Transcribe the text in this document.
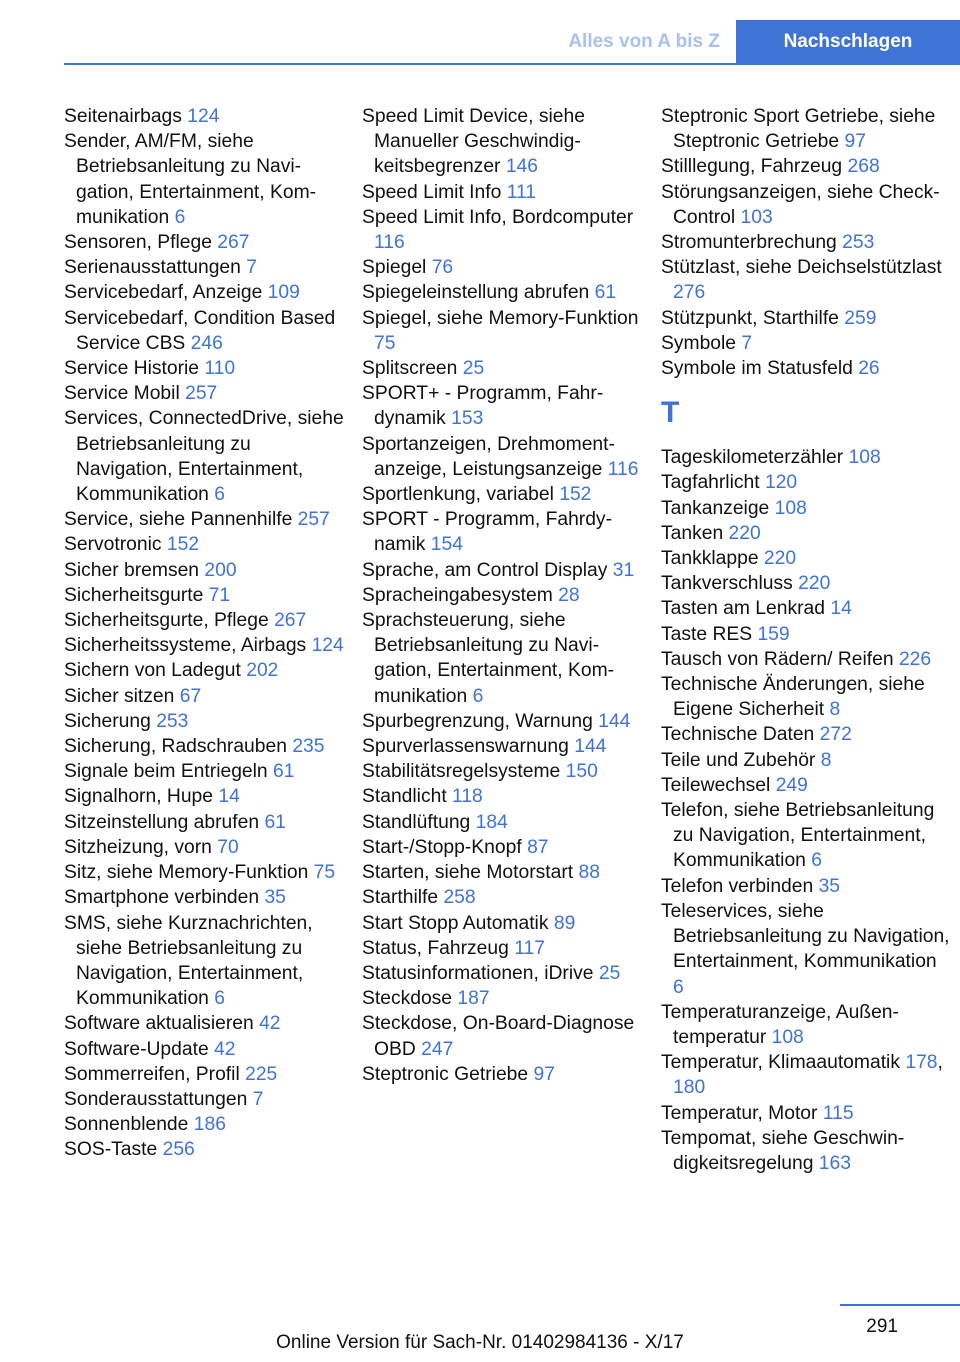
Alles von A bis Z	Nachschlagen
Seitenairbags 124
Sender, AM/FM, siehe Betriebsanleitung zu Navigation, Entertainment, Kommunikation 6
Sensoren, Pflege 267
Serienausstattungen 7
Servicebedarf, Anzeige 109
Servicebedarf, Condition Based Service CBS 246
Service Historie 110
Service Mobil 257
Services, ConnectedDrive, siehe Betriebsanleitung zu Navigation, Entertainment, Kommunikation 6
Service, siehe Pannenhilfe 257
Servotronic 152
Sicher bremsen 200
Sicherheitsgurte 71
Sicherheitsgurte, Pflege 267
Sicherheitssysteme, Airbags 124
Sichern von Ladegut 202
Sicher sitzen 67
Sicherung 253
Sicherung, Radschrauben 235
Signale beim Entriegeln 61
Signalhorn, Hupe 14
Sitzeinstellung abrufen 61
Sitzheizung, vorn 70
Sitz, siehe Memory-Funktion 75
Smartphone verbinden 35
SMS, siehe Kurznachrichten, siehe Betriebsanleitung zu Navigation, Entertainment, Kommunikation 6
Software aktualisieren 42
Software-Update 42
Sommerreifen, Profil 225
Sonderausstattungen 7
Sonnenblende 186
SOS-Taste 256
Speed Limit Device, siehe Manueller Geschwindigkeitsbegrenzer 146
Speed Limit Info 111
Speed Limit Info, Bordcomputer 116
Spiegel 76
Spiegeleinstellung abrufen 61
Spiegel, siehe Memory-Funktion 75
Splitscreen 25
SPORT+ - Programm, Fahrdynamik 153
Sportanzeigen, Drehmomentanzeige, Leistungsanzeige 116
Sportlenkung, variabel 152
SPORT - Programm, Fahrdynamik 154
Sprache, am Control Display 31
Spracheingabesystem 28
Sprachsteuerung, siehe Betriebsanleitung zu Navigation, Entertainment, Kommunikation 6
Spurbegrenzung, Warnung 144
Spurverlassenswarnung 144
Stabilitätsregelsysteme 150
Standlicht 118
Standlüftung 184
Start-/Stopp-Knopf 87
Starten, siehe Motorstart 88
Starthilfe 258
Start Stopp Automatik 89
Status, Fahrzeug 117
Statusinformationen, iDrive 25
Steckdose 187
Steckdose, On-Board-Diagnose OBD 247
Steptronic Getriebe 97
Steptronic Sport Getriebe, siehe Steptronic Getriebe 97
Stilllegung, Fahrzeug 268
Störungsanzeigen, siehe Check-Control 103
Stromunterbrechung 253
Stützlast, siehe Deichselstützlast 276
Stützpunkt, Starthilfe 259
Symbole 7
Symbole im Statusfeld 26
T
Tageskilometerzähler 108
Tagfahrlicht 120
Tankanzeige 108
Tanken 220
Tankklappe 220
Tankverschluss 220
Tasten am Lenkrad 14
Taste RES 159
Tausch von Rädern/ Reifen 226
Technische Änderungen, siehe Eigene Sicherheit 8
Technische Daten 272
Teile und Zubehör 8
Teilewechsel 249
Telefon, siehe Betriebsanleitung zu Navigation, Entertainment, Kommunikation 6
Telefon verbinden 35
Teleservices, siehe Betriebsanleitung zu Navigation, Entertainment, Kommunikation 6
Temperaturanzeige, Außentemperatur 108
Temperatur, Klimaautomatik 178, 180
Temperatur, Motor 115
Tempomat, siehe Geschwindigkeitsregelung 163
291
Online Version für Sach-Nr. 01402984136 - X/17
